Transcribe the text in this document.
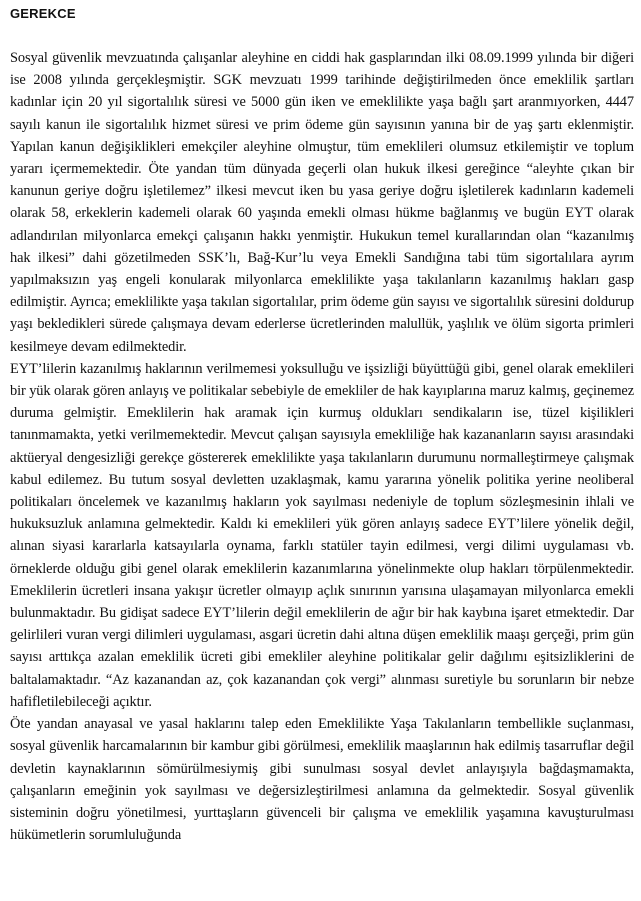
GEREKCE

Sosyal güvenlik mevzuatında çalışanlar aleyhine en ciddi hak gasplarından ilki 08.09.1999 yılında bir diğeri ise 2008 yılında gerçekleşmiştir. SGK mevzuatı 1999 tarihinde değiştirilmeden önce emeklilik şartları kadınlar için 20 yıl sigortalılık süresi ve 5000 gün iken ve emeklilikte yaşa bağlı şart aranmıyorken, 4447 sayılı kanun ile sigortalılık hizmet süresi ve prim ödeme gün sayısının yanına bir de yaş şartı eklenmiştir. Yapılan kanun değişiklikleri emekçiler aleyhine olmuştur, tüm emeklileri olumsuz etkilemiştir ve toplum yararı içermemektedir. Öte yandan tüm dünyada geçerli olan hukuk ilkesi gereğince “aleyhte çıkan bir kanunun geriye doğru işletilemez” ilkesi mevcut iken bu yasa geriye doğru işletilerek kadınların kademeli olarak 58, erkeklerin kademeli olarak 60 yaşında emekli olması hükme bağlanmış ve bugün EYT olarak adlandırılan milyonlarca emekçi çalışanın hakkı yenmiştir. Hukukun temel kurallarından olan “kazanılmış hak ilkesi” dahi gözetilmeden SSK’lı, Bağ-Kur’lu veya Emekli Sandığına tabi tüm sigortalılara ayrım yapılmaksızın yaş engeli konularak milyonlarca emeklilikte yaşa takılanların kazanılmış hakları gasp edilmiştir. Ayrıca; emeklilikte yaşa takılan sigortalılar, prim ödeme gün sayısı ve sigortalılık süresini doldurup yaşı bekledikleri sürede çalışmaya devam ederlerse ücretlerinden malullük, yaşlılık ve ölüm sigorta primleri kesilmeye devam edilmektedir.

EYT’lilerin kazanılmış haklarının verilmemesi yoksulluğu ve işsizliği büyüttüğü gibi, genel olarak emeklileri bir yük olarak gören anlayış ve politikalar sebebiyle de emekliler de hak kayıplarına maruz kalmış, geçinemez duruma gelmiştir. Emeklilerin hak aramak için kurmuş oldukları sendikaların ise, tüzel kişilikleri tanınmamakta, yetki verilmemektedir. Mevcut çalışan sayısıyla emekliliğe hak kazananların sayısı arasındaki aktüeryal dengesizliği gerekçe göstererek emeklilikte yaşa takılanların durumunu normalleştirmeye çalışmak kabul edilemez. Bu tutum sosyal devletten uzaklaşmak, kamu yararına yönelik politika yerine neoliberal politikaları öncelemek ve kazanılmış hakların yok sayılması nedeniyle de toplum sözleşmesinin ihlali ve hukuksuzluk anlamına gelmektedir. Kaldı ki emeklileri yük gören anlayış sadece EYT’lilere yönelik değil, alınan siyasi kararlarla katsayılarla oynama, farklı statüler tayin edilmesi, vergi dilimi uygulaması vb. örneklerde olduğu gibi genel olarak emeklilerin kazanımlarına yönelinmekte olup hakları törpülenmektedir. Emeklilerin ücretleri insana yakışır ücretler olmayıp açlık sınırının yarısına ulaşamayan milyonlarca emekli bulunmaktadır. Bu gidişat sadece EYT’lilerin değil emeklilerin de ağır bir hak kaybına işaret etmektedir. Dar gelirlileri vuran vergi dilimleri uygulaması, asgari ücretin dahi altına düşen emeklilik maaşı gerçeği, prim gün sayısı arttıkça azalan emeklilik ücreti gibi emekliler aleyhine politikalar gelir dağılımı eşitsizliklerini de baltalamaktadır. “Az kazanandan az, çok kazanandan çok vergi” alınması suretiyle bu sorunların bir nebze hafifletilebileceği açıktır.

Öte yandan anayasal ve yasal haklarını talep eden Emeklilikte Yaşa Takılanların tembellikle suçlanması, sosyal güvenlik harcamalarının bir kambur gibi görülmesi, emeklilik maaşlarının hak edilmiş tasarruflar değil devletin kaynaklarının sömürülmesiymiş gibi sunulması sosyal devlet anlayışıyla bağdaşmamakta, çalışanların emeğinin yok sayılması ve değersizleştirilmesi anlamına da gelmektedir. Sosyal güvenlik sisteminin doğru yönetilmesi, yurttaşların güvenceli bir çalışma ve emeklilik yaşamına kavuşturulması hükümetlerin sorumluluğunda
